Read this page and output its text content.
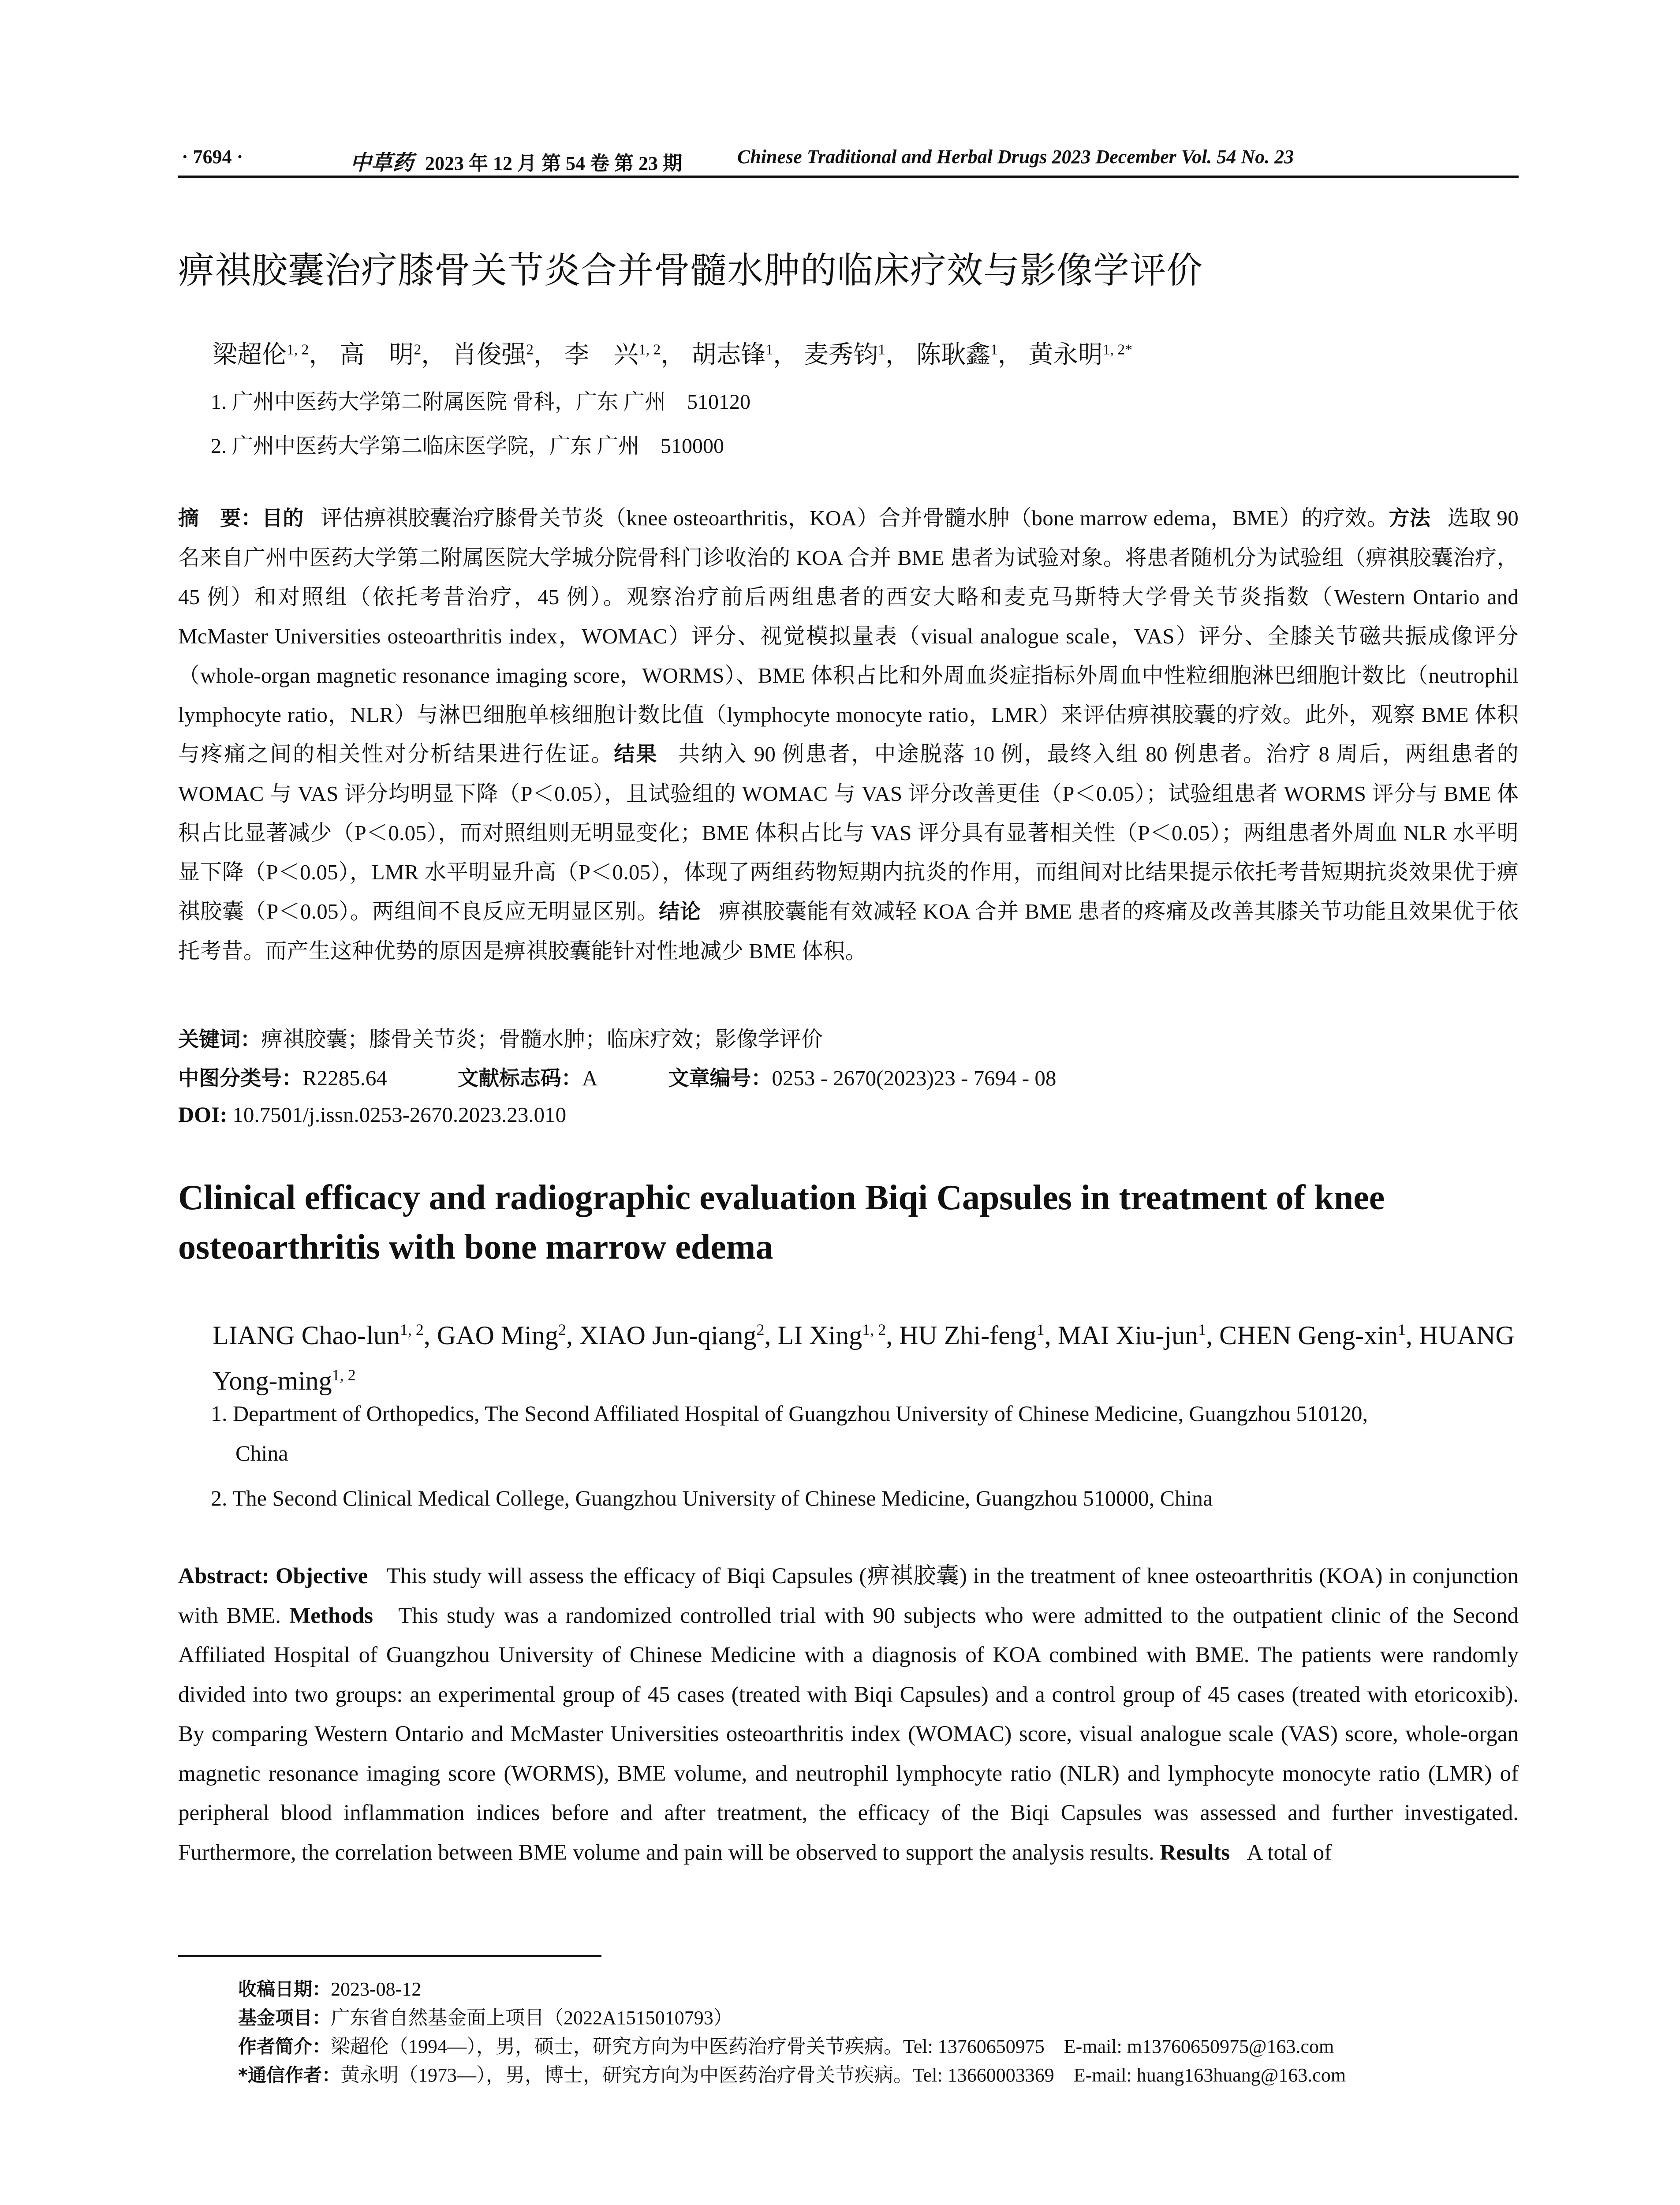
· 7694 ·	中草药 2023 年 12 月 第 54 卷 第 23 期	Chinese Traditional and Herbal Drugs 2023 December Vol. 54 No. 23
痹祺胶囊治疗膝骨关节炎合并骨髓水肿的临床疗效与影像学评价
梁超伦$^{1, 2}$， 高　明$^2$， 肖俊强$^2$， 李　兴$^{1, 2}$， 胡志锋$^1$， 麦秀钧$^1$， 陈耿鑫$^1$， 黄永明$^{1, 2*}$
1. 广州中医药大学第二附属医院 骨科，广东 广州　510120
2. 广州中医药大学第二临床医学院，广东 广州　510000
摘　要：目的 评估痹祺胶囊治疗膝骨关节炎（knee osteoarthritis，KOA）合并骨髓水肿（bone marrow edema，BME）的疗效。方法 选取 90 名来自广州中医药大学第二附属医院大学城分院骨科门诊收治的 KOA 合并 BME 患者为试验对象。将患者随机分为试验组（痹祺胶囊治疗，45 例）和对照组（依托考昔治疗，45 例）。观察治疗前后两组患者的西安大略和麦克马斯特大学骨关节炎指数（Western Ontario and McMaster Universities osteoarthritis index，WOMAC）评分、视觉模拟量表（visual analogue scale，VAS）评分、全膝关节磁共振成像评分（whole-organ magnetic resonance imaging score，WORMS）、BME 体积占比和外周血炎症指标外周血中性粒细胞淋巴细胞计数比（neutrophil lymphocyte ratio，NLR）与淋巴细胞单核细胞计数比值（lymphocyte monocyte ratio，LMR）来评估痹祺胶囊的疗效。此外，观察 BME 体积与疼痛之间的相关性对分析结果进行佐证。结果 共纳入 90 例患者，中途脱落 10 例，最终入组 80 例患者。治疗 8 周后，两组患者的 WOMAC 与 VAS 评分均明显下降（P＜0.05），且试验组的 WOMAC 与 VAS 评分改善更佳（P＜0.05）；试验组患者 WORMS 评分与 BME 体积占比显著减少（P＜0.05），而对照组则无明显变化；BME 体积占比与 VAS 评分具有显著相关性（P＜0.05）；两组患者外周血 NLR 水平明显下降（P＜0.05），LMR 水平明显升高（P＜0.05），体现了两组药物短期内抗炎的作用，而组间对比结果提示依托考昔短期抗炎效果优于痹祺胶囊（P＜0.05）。两组间不良反应无明显区别。结论 痹祺胶囊能有效减轻 KOA 合并 BME 患者的疼痛及改善其膝关节功能且效果优于依托考昔。而产生这种优势的原因是痹祺胶囊能针对性地减少 BME 体积。
关键词：痹祺胶囊；膝骨关节炎；骨髓水肿；临床疗效；影像学评价
中图分类号：R2285.64	文献标志码：A	文章编号：0253 - 2670(2023)23 - 7694 - 08
DOI: 10.7501/j.issn.0253-2670.2023.23.010
Clinical efficacy and radiographic evaluation Biqi Capsules in treatment of knee osteoarthritis with bone marrow edema
LIANG Chao-lun$^{1, 2}$, GAO Ming$^2$, XIAO Jun-qiang$^2$, LI Xing$^{1, 2}$, HU Zhi-feng$^1$, MAI Xiu-jun$^1$, CHEN Geng-xin$^1$, HUANG Yong-ming$^{1, 2}$
1. Department of Orthopedics, The Second Affiliated Hospital of Guangzhou University of Chinese Medicine, Guangzhou 510120,
China
2. The Second Clinical Medical College, Guangzhou University of Chinese Medicine, Guangzhou 510000, China
Abstract: Objective This study will assess the efficacy of Biqi Capsules (痹祺胶囊) in the treatment of knee osteoarthritis (KOA) in conjunction with BME. Methods This study was a randomized controlled trial with 90 subjects who were admitted to the outpatient clinic of the Second Affiliated Hospital of Guangzhou University of Chinese Medicine with a diagnosis of KOA combined with BME. The patients were randomly divided into two groups: an experimental group of 45 cases (treated with Biqi Capsules) and a control group of 45 cases (treated with etoricoxib). By comparing Western Ontario and McMaster Universities osteoarthritis index (WOMAC) score, visual analogue scale (VAS) score, whole-organ magnetic resonance imaging score (WORMS), BME volume, and neutrophil lymphocyte ratio (NLR) and lymphocyte monocyte ratio (LMR) of peripheral blood inflammation indices before and after treatment, the efficacy of the Biqi Capsules was assessed and further investigated. Furthermore, the correlation between BME volume and pain will be observed to support the analysis results. Results A total of
收稿日期：2023-08-12
基金项目：广东省自然基金面上项目（2022A1515010793）
作者简介：梁超伦（1994—），男，硕士，研究方向为中医药治疗骨关节疾病。Tel: 13760650975　E-mail: m13760650975@163.com
*通信作者：黄永明（1973—），男，博士，研究方向为中医药治疗骨关节疾病。Tel: 13660003369　E-mail: huang163huang@163.com
